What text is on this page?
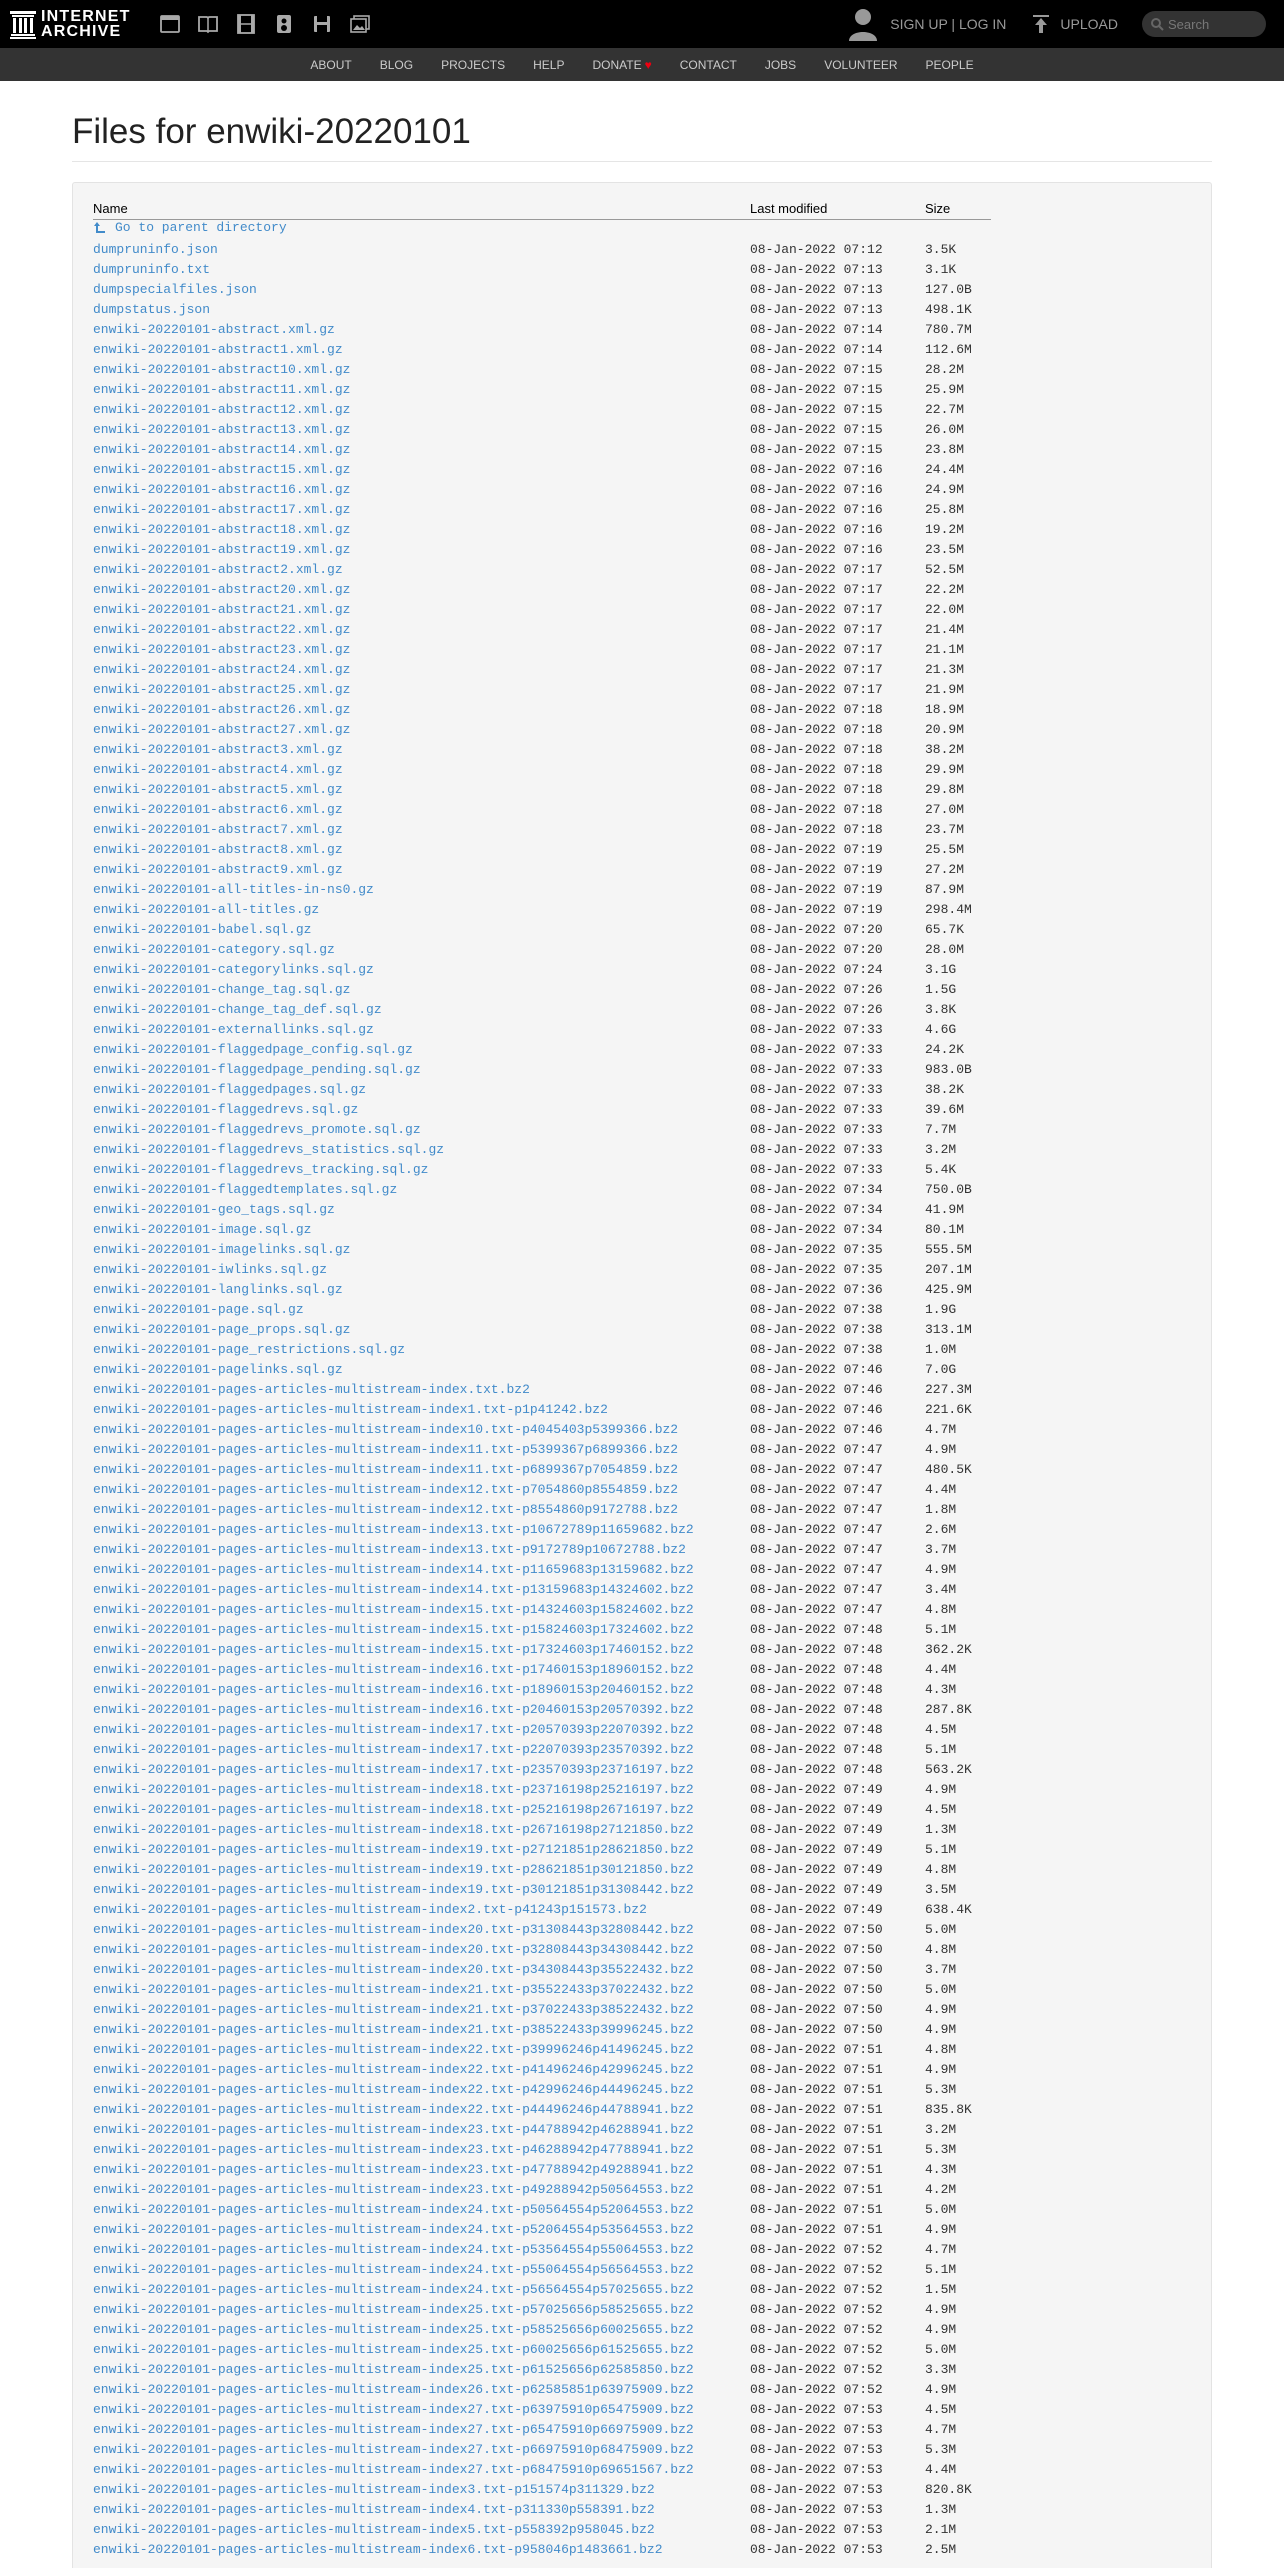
INTERNET
ARCHIVE	SIGN UP | LOG IN	UPLOAD
Search
ABOUT BLOG PROJECTS HELP DONATE ♥ CONTACT JOBS VOLUNTEER PEOPLE
Files for enwiki-20220101
Name	Last modified	Size

Go to parent directory		

dumpruninfo.json	08-Jan-2022 07:12	3.5K
dumpruninfo.txt	08-Jan-2022 07:13	3.1K
dumpspecialfiles.json	08-Jan-2022 07:13	127.0B
dumpstatus.json	08-Jan-2022 07:13	498.1K
enwiki-20220101-abstract.xml.gz	08-Jan-2022 07:14	780.7M
enwiki-20220101-abstract1.xml.gz	08-Jan-2022 07:14	112.6M
enwiki-20220101-abstract10.xml.gz	08-Jan-2022 07:15	28.2M
enwiki-20220101-abstract11.xml.gz	08-Jan-2022 07:15	25.9M
enwiki-20220101-abstract12.xml.gz	08-Jan-2022 07:15	22.7M
enwiki-20220101-abstract13.xml.gz	08-Jan-2022 07:15	26.0M
enwiki-20220101-abstract14.xml.gz	08-Jan-2022 07:15	23.8M
enwiki-20220101-abstract15.xml.gz	08-Jan-2022 07:16	24.4M
enwiki-20220101-abstract16.xml.gz	08-Jan-2022 07:16	24.9M
enwiki-20220101-abstract17.xml.gz	08-Jan-2022 07:16	25.8M
enwiki-20220101-abstract18.xml.gz	08-Jan-2022 07:16	19.2M
enwiki-20220101-abstract19.xml.gz	08-Jan-2022 07:16	23.5M
enwiki-20220101-abstract2.xml.gz	08-Jan-2022 07:17	52.5M
enwiki-20220101-abstract20.xml.gz	08-Jan-2022 07:17	22.2M
enwiki-20220101-abstract21.xml.gz	08-Jan-2022 07:17	22.0M
enwiki-20220101-abstract22.xml.gz	08-Jan-2022 07:17	21.4M
enwiki-20220101-abstract23.xml.gz	08-Jan-2022 07:17	21.1M
enwiki-20220101-abstract24.xml.gz	08-Jan-2022 07:17	21.3M
enwiki-20220101-abstract25.xml.gz	08-Jan-2022 07:17	21.9M
enwiki-20220101-abstract26.xml.gz	08-Jan-2022 07:18	18.9M
enwiki-20220101-abstract27.xml.gz	08-Jan-2022 07:18	20.9M
enwiki-20220101-abstract3.xml.gz	08-Jan-2022 07:18	38.2M
enwiki-20220101-abstract4.xml.gz	08-Jan-2022 07:18	29.9M
enwiki-20220101-abstract5.xml.gz	08-Jan-2022 07:18	29.8M
enwiki-20220101-abstract6.xml.gz	08-Jan-2022 07:18	27.0M
enwiki-20220101-abstract7.xml.gz	08-Jan-2022 07:18	23.7M
enwiki-20220101-abstract8.xml.gz	08-Jan-2022 07:19	25.5M
enwiki-20220101-abstract9.xml.gz	08-Jan-2022 07:19	27.2M
enwiki-20220101-all-titles-in-ns0.gz	08-Jan-2022 07:19	87.9M
enwiki-20220101-all-titles.gz	08-Jan-2022 07:19	298.4M
enwiki-20220101-babel.sql.gz	08-Jan-2022 07:20	65.7K
enwiki-20220101-category.sql.gz	08-Jan-2022 07:20	28.0M
enwiki-20220101-categorylinks.sql.gz	08-Jan-2022 07:24	3.1G
enwiki-20220101-change_tag.sql.gz	08-Jan-2022 07:26	1.5G
enwiki-20220101-change_tag_def.sql.gz	08-Jan-2022 07:26	3.8K
enwiki-20220101-externallinks.sql.gz	08-Jan-2022 07:33	4.6G
enwiki-20220101-flaggedpage_config.sql.gz	08-Jan-2022 07:33	24.2K
enwiki-20220101-flaggedpage_pending.sql.gz	08-Jan-2022 07:33	983.0B
enwiki-20220101-flaggedpages.sql.gz	08-Jan-2022 07:33	38.2K
enwiki-20220101-flaggedrevs.sql.gz	08-Jan-2022 07:33	39.6M
enwiki-20220101-flaggedrevs_promote.sql.gz	08-Jan-2022 07:33	7.7M
enwiki-20220101-flaggedrevs_statistics.sql.gz	08-Jan-2022 07:33	3.2M
enwiki-20220101-flaggedrevs_tracking.sql.gz	08-Jan-2022 07:33	5.4K
enwiki-20220101-flaggedtemplates.sql.gz	08-Jan-2022 07:34	750.0B
enwiki-20220101-geo_tags.sql.gz	08-Jan-2022 07:34	41.9M
enwiki-20220101-image.sql.gz	08-Jan-2022 07:34	80.1M
enwiki-20220101-imagelinks.sql.gz	08-Jan-2022 07:35	555.5M
enwiki-20220101-iwlinks.sql.gz	08-Jan-2022 07:35	207.1M
enwiki-20220101-langlinks.sql.gz	08-Jan-2022 07:36	425.9M
enwiki-20220101-page.sql.gz	08-Jan-2022 07:38	1.9G
enwiki-20220101-page_props.sql.gz	08-Jan-2022 07:38	313.1M
enwiki-20220101-page_restrictions.sql.gz	08-Jan-2022 07:38	1.0M
enwiki-20220101-pagelinks.sql.gz	08-Jan-2022 07:46	7.0G
enwiki-20220101-pages-articles-multistream-index.txt.bz2	08-Jan-2022 07:46	227.3M
enwiki-20220101-pages-articles-multistream-index1.txt-p1p41242.bz2	08-Jan-2022 07:46	221.6K
enwiki-20220101-pages-articles-multistream-index10.txt-p4045403p5399366.bz2	08-Jan-2022 07:46	4.7M
enwiki-20220101-pages-articles-multistream-index11.txt-p5399367p6899366.bz2	08-Jan-2022 07:47	4.9M
enwiki-20220101-pages-articles-multistream-index11.txt-p6899367p7054859.bz2	08-Jan-2022 07:47	480.5K
enwiki-20220101-pages-articles-multistream-index12.txt-p7054860p8554859.bz2	08-Jan-2022 07:47	4.4M
enwiki-20220101-pages-articles-multistream-index12.txt-p8554860p9172788.bz2	08-Jan-2022 07:47	1.8M
enwiki-20220101-pages-articles-multistream-index13.txt-p10672789p11659682.bz2	08-Jan-2022 07:47	2.6M
enwiki-20220101-pages-articles-multistream-index13.txt-p9172789p10672788.bz2	08-Jan-2022 07:47	3.7M
enwiki-20220101-pages-articles-multistream-index14.txt-p11659683p13159682.bz2	08-Jan-2022 07:47	4.9M
enwiki-20220101-pages-articles-multistream-index14.txt-p13159683p14324602.bz2	08-Jan-2022 07:47	3.4M
enwiki-20220101-pages-articles-multistream-index15.txt-p14324603p15824602.bz2	08-Jan-2022 07:47	4.8M
enwiki-20220101-pages-articles-multistream-index15.txt-p15824603p17324602.bz2	08-Jan-2022 07:48	5.1M
enwiki-20220101-pages-articles-multistream-index15.txt-p17324603p17460152.bz2	08-Jan-2022 07:48	362.2K
enwiki-20220101-pages-articles-multistream-index16.txt-p17460153p18960152.bz2	08-Jan-2022 07:48	4.4M
enwiki-20220101-pages-articles-multistream-index16.txt-p18960153p20460152.bz2	08-Jan-2022 07:48	4.3M
enwiki-20220101-pages-articles-multistream-index16.txt-p20460153p20570392.bz2	08-Jan-2022 07:48	287.8K
enwiki-20220101-pages-articles-multistream-index17.txt-p20570393p22070392.bz2	08-Jan-2022 07:48	4.5M
enwiki-20220101-pages-articles-multistream-index17.txt-p22070393p23570392.bz2	08-Jan-2022 07:48	5.1M
enwiki-20220101-pages-articles-multistream-index17.txt-p23570393p23716197.bz2	08-Jan-2022 07:48	563.2K
enwiki-20220101-pages-articles-multistream-index18.txt-p23716198p25216197.bz2	08-Jan-2022 07:49	4.9M
enwiki-20220101-pages-articles-multistream-index18.txt-p25216198p26716197.bz2	08-Jan-2022 07:49	4.5M
enwiki-20220101-pages-articles-multistream-index18.txt-p26716198p27121850.bz2	08-Jan-2022 07:49	1.3M
enwiki-20220101-pages-articles-multistream-index19.txt-p27121851p28621850.bz2	08-Jan-2022 07:49	5.1M
enwiki-20220101-pages-articles-multistream-index19.txt-p28621851p30121850.bz2	08-Jan-2022 07:49	4.8M
enwiki-20220101-pages-articles-multistream-index19.txt-p30121851p31308442.bz2	08-Jan-2022 07:49	3.5M
enwiki-20220101-pages-articles-multistream-index2.txt-p41243p151573.bz2	08-Jan-2022 07:49	638.4K
enwiki-20220101-pages-articles-multistream-index20.txt-p31308443p32808442.bz2	08-Jan-2022 07:50	5.0M
enwiki-20220101-pages-articles-multistream-index20.txt-p32808443p34308442.bz2	08-Jan-2022 07:50	4.8M
enwiki-20220101-pages-articles-multistream-index20.txt-p34308443p35522432.bz2	08-Jan-2022 07:50	3.7M
enwiki-20220101-pages-articles-multistream-index21.txt-p35522433p37022432.bz2	08-Jan-2022 07:50	5.0M
enwiki-20220101-pages-articles-multistream-index21.txt-p37022433p38522432.bz2	08-Jan-2022 07:50	4.9M
enwiki-20220101-pages-articles-multistream-index21.txt-p38522433p39996245.bz2	08-Jan-2022 07:50	4.9M
enwiki-20220101-pages-articles-multistream-index22.txt-p39996246p41496245.bz2	08-Jan-2022 07:51	4.8M
enwiki-20220101-pages-articles-multistream-index22.txt-p41496246p42996245.bz2	08-Jan-2022 07:51	4.9M
enwiki-20220101-pages-articles-multistream-index22.txt-p42996246p44496245.bz2	08-Jan-2022 07:51	5.3M
enwiki-20220101-pages-articles-multistream-index22.txt-p44496246p44788941.bz2	08-Jan-2022 07:51	835.8K
enwiki-20220101-pages-articles-multistream-index23.txt-p44788942p46288941.bz2	08-Jan-2022 07:51	3.2M
enwiki-20220101-pages-articles-multistream-index23.txt-p46288942p47788941.bz2	08-Jan-2022 07:51	5.3M
enwiki-20220101-pages-articles-multistream-index23.txt-p47788942p49288941.bz2	08-Jan-2022 07:51	4.3M
enwiki-20220101-pages-articles-multistream-index23.txt-p49288942p50564553.bz2	08-Jan-2022 07:51	4.2M
enwiki-20220101-pages-articles-multistream-index24.txt-p50564554p52064553.bz2	08-Jan-2022 07:51	5.0M
enwiki-20220101-pages-articles-multistream-index24.txt-p52064554p53564553.bz2	08-Jan-2022 07:51	4.9M
enwiki-20220101-pages-articles-multistream-index24.txt-p53564554p55064553.bz2	08-Jan-2022 07:52	4.7M
enwiki-20220101-pages-articles-multistream-index24.txt-p55064554p56564553.bz2	08-Jan-2022 07:52	5.1M
enwiki-20220101-pages-articles-multistream-index24.txt-p56564554p57025655.bz2	08-Jan-2022 07:52	1.5M
enwiki-20220101-pages-articles-multistream-index25.txt-p57025656p58525655.bz2	08-Jan-2022 07:52	4.9M
enwiki-20220101-pages-articles-multistream-index25.txt-p58525656p60025655.bz2	08-Jan-2022 07:52	4.9M
enwiki-20220101-pages-articles-multistream-index25.txt-p60025656p61525655.bz2	08-Jan-2022 07:52	5.0M
enwiki-20220101-pages-articles-multistream-index25.txt-p61525656p62585850.bz2	08-Jan-2022 07:52	3.3M
enwiki-20220101-pages-articles-multistream-index26.txt-p62585851p63975909.bz2	08-Jan-2022 07:52	4.9M
enwiki-20220101-pages-articles-multistream-index27.txt-p63975910p65475909.bz2	08-Jan-2022 07:53	4.5M
enwiki-20220101-pages-articles-multistream-index27.txt-p65475910p66975909.bz2	08-Jan-2022 07:53	4.7M
enwiki-20220101-pages-articles-multistream-index27.txt-p66975910p68475909.bz2	08-Jan-2022 07:53	5.3M
enwiki-20220101-pages-articles-multistream-index27.txt-p68475910p69651567.bz2	08-Jan-2022 07:53	4.4M
enwiki-20220101-pages-articles-multistream-index3.txt-p151574p311329.bz2	08-Jan-2022 07:53	820.8K
enwiki-20220101-pages-articles-multistream-index4.txt-p311330p558391.bz2	08-Jan-2022 07:53	1.3M
enwiki-20220101-pages-articles-multistream-index5.txt-p558392p958045.bz2	08-Jan-2022 07:53	2.1M
enwiki-20220101-pages-articles-multistream-index6.txt-p958046p1483661.bz2	08-Jan-2022 07:53	2.5M
